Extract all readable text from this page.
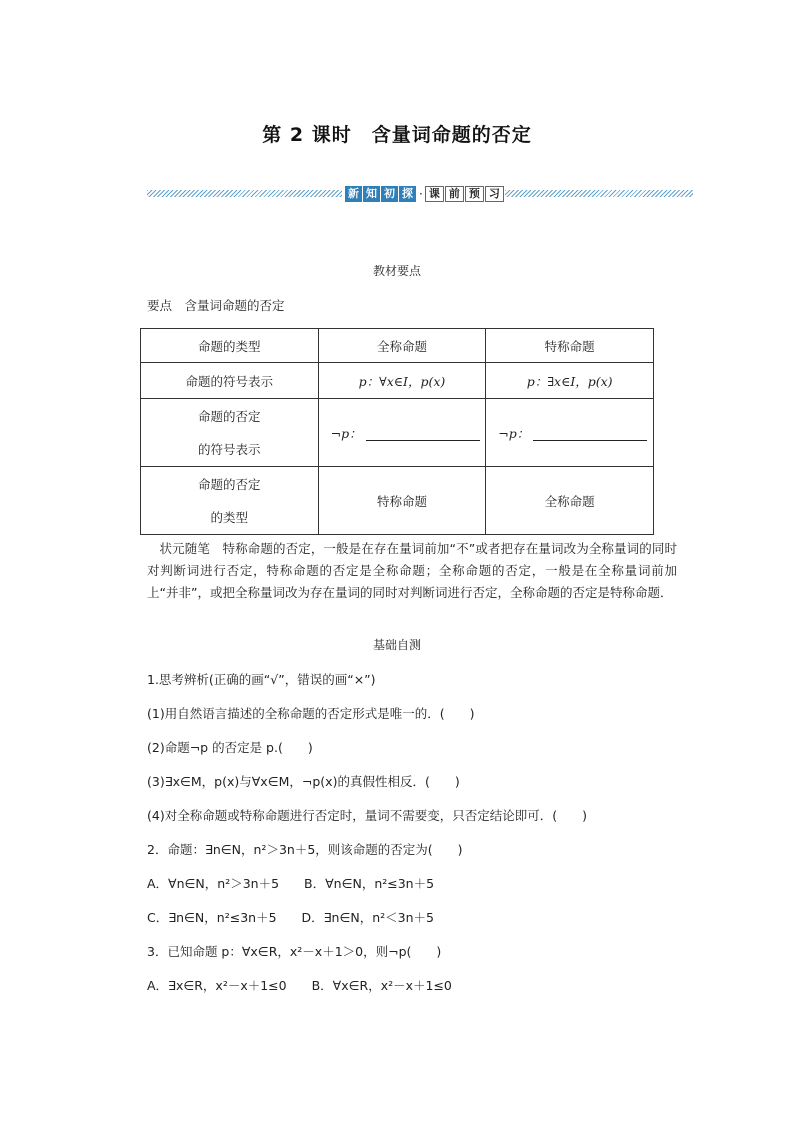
第 2 课时　含量词命题的否定
新 知 初 探 · 课 前 预 习
教材要点
要点　含量词命题的否定
命题的类型	全称命题	特称命题
命题的符号表示	p：∀x∈I，p(x)	p：∃x∈I，p(x)

命题的否定
的符号表示	¬p：	¬p：

命题的否定
的类型	特称命题	全称命题
状元随笔　特称命题的否定，一般是在存在量词前加“不”或者把存在量词改为全称量词的同时对判断词进行否定，特称命题的否定是全称命题；全称命题的否定，一般是在全称量词前加上“并非”，或把全称量词改为存在量词的同时对判断词进行否定，全称命题的否定是特称命题．
基础自测
1.思考辨析(正确的画“√”，错误的画“×”)
(1)用自然语言描述的全称命题的否定形式是唯一的．(　　)
(2)命题¬p 的否定是 p.(　　)
(3)∃x∈M，p(x)与∀x∈M，¬p(x)的真假性相反．(　　)
(4)对全称命题或特称命题进行否定时，量词不需要变，只否定结论即可．(　　)
2．命题：∃n∈N，n²＞3n＋5，则该命题的否定为(　　)
A．∀n∈N，n²＞3n＋5　　B．∀n∈N，n²≤3n＋5
C．∃n∈N，n²≤3n＋5　　D．∃n∈N，n²＜3n＋5
3．已知命题 p：∀x∈R，x²－x＋1＞0，则¬p(　　)
A．∃x∈R，x²－x＋1≤0　　B．∀x∈R，x²－x＋1≤0
